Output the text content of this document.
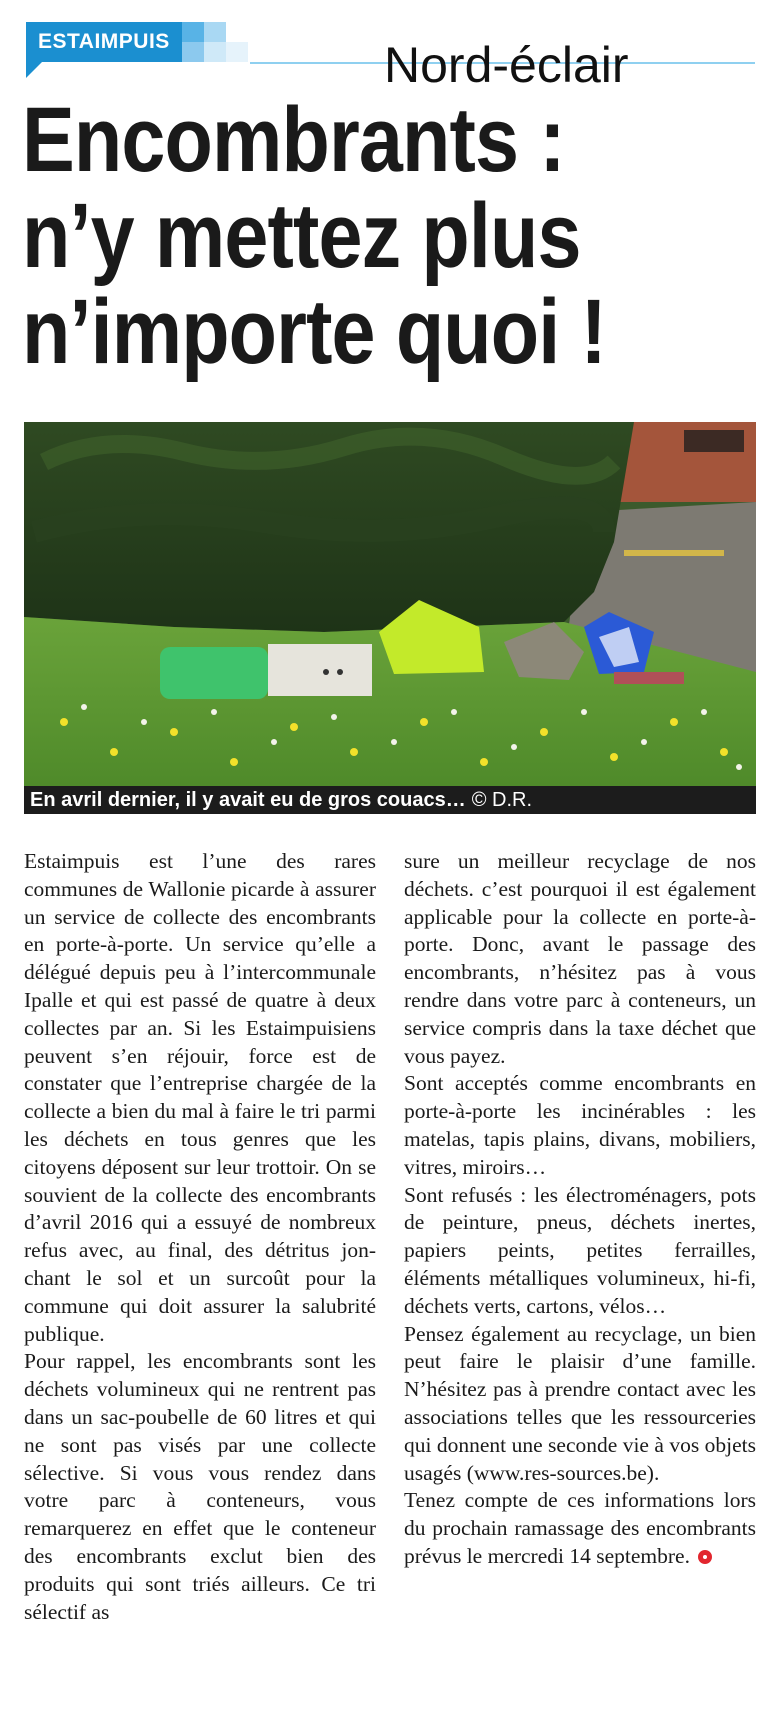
ESTAIMPUIS	Nord-éclair
Encombrants :
n’y mettez plus
n’importe quoi !
En avril dernier, il y avait eu de gros couacs… © D.R.

Estaimpuis est l’une des rares communes de Wallonie picarde à assurer un service de collecte des encombrants en porte-à-porte. Un service qu’elle a délégué depuis peu à l’intercommunale Ipalle et qui est passé de quatre à deux collectes par an. Si les Estaimpuisiens peuvent s’en réjouir, force est de constater que l’entreprise chargée de la collecte a bien du mal à faire le tri parmi les déchets en tous genres que les citoyens déposent sur leur trottoir. On se souvient de la collecte des encombrants d’avril 2016 qui a essuyé de nombreux refus avec, au final, des détritus jonchant le sol et un surcoût pour la commune qui doit assurer la salubrité publique.

Pour rappel, les encombrants sont les déchets volumineux qui ne rentrent pas dans un sac-poubelle de 60 litres et qui ne sont pas visés par une collecte sélective. Si vous vous rendez dans votre parc à conteneurs, vous remarquerez en effet que le conteneur des encombrants exclut bien des produits qui sont triés ailleurs. Ce tri sélectif as

sure un meilleur recyclage de nos déchets. c’est pourquoi il est également applicable pour la collecte en porte-à-porte. Donc, avant le passage des encombrants, n’hésitez pas à vous rendre dans votre parc à conteneurs, un service compris dans la taxe déchet que vous payez.

Sont acceptés comme encombrants en porte-à-porte les incinérables : les matelas, tapis plains, divans, mobiliers, vitres, miroirs…

Sont refusés : les électroménagers, pots de peinture, pneus, déchets inertes, papiers peints, petites ferrailles, éléments métalliques volumineux, hi-fi, déchets verts, cartons, vélos…

Pensez également au recyclage, un bien peut faire le plaisir d’une famille. N’hésitez pas à prendre contact avec les associations telles que les ressourceries qui donnent une seconde vie à vos objets usagés (www.res-sources.be).

Tenez compte de ces informations lors du prochain ramassage des encombrants prévus le mercredi 14 septembre.
